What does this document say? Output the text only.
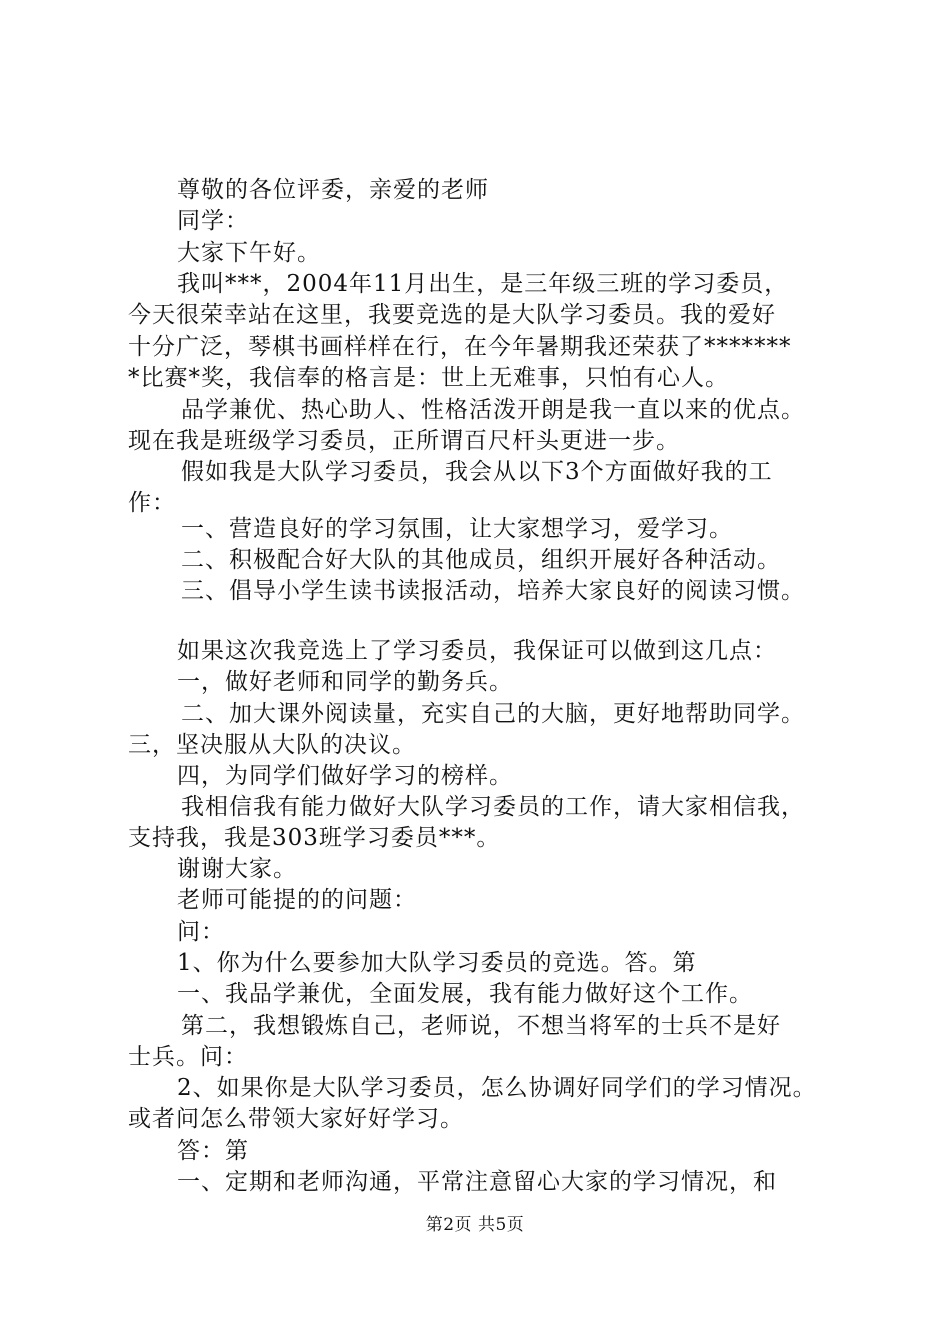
尊敬的各位评委，亲爱的老师
同学：
大家下午好。
我叫***，2004年11月出生，是三年级三班的学习委员，
今天很荣幸站在这里，我要竞选的是大队学习委员。我的爱好
十分广泛，琴棋书画样样在行，在今年暑期我还荣获了*******
*比赛*奖，我信奉的格言是：世上无难事，只怕有心人。
品学兼优、热心助人、性格活泼开朗是我一直以来的优点。
现在我是班级学习委员，正所谓百尺杆头更进一步。
假如我是大队学习委员，我会从以下3个方面做好我的工
作：
一、营造良好的学习氛围，让大家想学习，爱学习。
二、积极配合好大队的其他成员，组织开展好各种活动。
三、倡导小学生读书读报活动，培养大家良好的阅读习惯。
如果这次我竞选上了学习委员，我保证可以做到这几点：
一，做好老师和同学的勤务兵。
二、加大课外阅读量，充实自己的大脑，更好地帮助同学。
三，坚决服从大队的决议。
四，为同学们做好学习的榜样。
我相信我有能力做好大队学习委员的工作，请大家相信我，
支持我，我是303班学习委员***。
谢谢大家。
老师可能提的的问题：
问：
1、你为什么要参加大队学习委员的竞选。答。第
一、我品学兼优，全面发展，我有能力做好这个工作。
第二，我想锻炼自己，老师说，不想当将军的士兵不是好
士兵。问：
2、如果你是大队学习委员，怎么协调好同学们的学习情况。
或者问怎么带领大家好好学习。
答：第
一、定期和老师沟通，平常注意留心大家的学习情况，和
第2页 共5页
